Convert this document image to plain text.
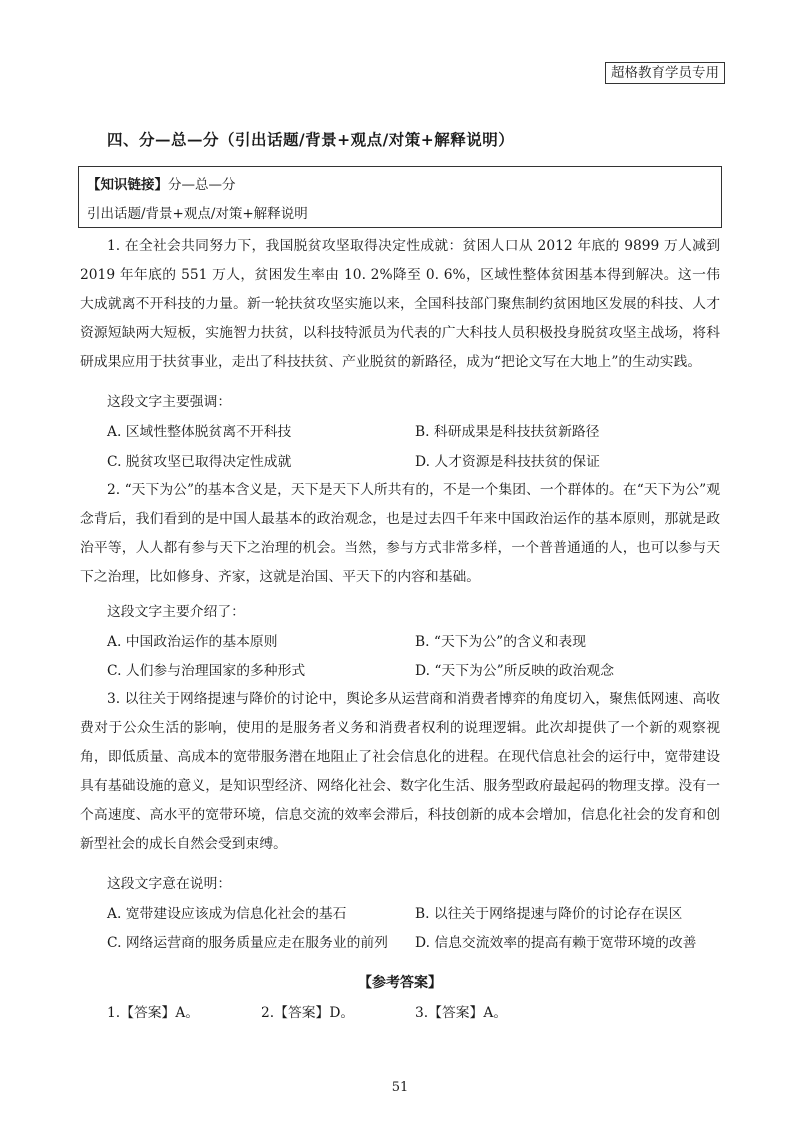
超格教育学员专用
四、分—总—分（引出话题/背景+观点/对策+解释说明）
【知识链接】分—总—分
引出话题/背景+观点/对策+解释说明
1. 在全社会共同努力下，我国脱贫攻坚取得决定性成就：贫困人口从 2012 年底的 9899 万人减到 2019 年年底的 551 万人，贫困发生率由 10. 2%降至 0. 6%，区域性整体贫困基本得到解决。这一伟大成就离不开科技的力量。新一轮扶贫攻坚实施以来，全国科技部门聚焦制约贫困地区发展的科技、人才资源短缺两大短板，实施智力扶贫，以科技特派员为代表的广大科技人员积极投身脱贫攻坚主战场，将科研成果应用于扶贫事业，走出了科技扶贫、产业脱贫的新路径，成为“把论文写在大地上”的生动实践。
这段文字主要强调：
A. 区域性整体脱贫离不开科技	B. 科研成果是科技扶贫新路径
C. 脱贫攻坚已取得决定性成就	D. 人才资源是科技扶贫的保证
2. “天下为公”的基本含义是，天下是天下人所共有的，不是一个集团、一个群体的。在“天下为公”观念背后，我们看到的是中国人最基本的政治观念，也是过去四千年来中国政治运作的基本原则，那就是政治平等，人人都有参与天下之治理的机会。当然，参与方式非常多样，一个普普通通的人，也可以参与天下之治理，比如修身、齐家，这就是治国、平天下的内容和基础。
这段文字主要介绍了：
A. 中国政治运作的基本原则	B. “天下为公”的含义和表现
C. 人们参与治理国家的多种形式	D. “天下为公”所反映的政治观念
3. 以往关于网络提速与降价的讨论中，舆论多从运营商和消费者博弈的角度切入，聚焦低网速、高收费对于公众生活的影响，使用的是服务者义务和消费者权利的说理逻辑。此次却提供了一个新的观察视角，即低质量、高成本的宽带服务潜在地阻止了社会信息化的进程。在现代信息社会的运行中，宽带建设具有基础设施的意义，是知识型经济、网络化社会、数字化生活、服务型政府最起码的物理支撑。没有一个高速度、高水平的宽带环境，信息交流的效率会滞后，科技创新的成本会增加，信息化社会的发育和创新型社会的成长自然会受到束缚。
这段文字意在说明：
A. 宽带建设应该成为信息化社会的基石	B. 以往关于网络提速与降价的讨论存在误区
C. 网络运营商的服务质量应走在服务业的前列 D. 信息交流效率的提高有赖于宽带环境的改善
【参考答案】
1.【答案】A。	2.【答案】D。	3.【答案】A。
51
